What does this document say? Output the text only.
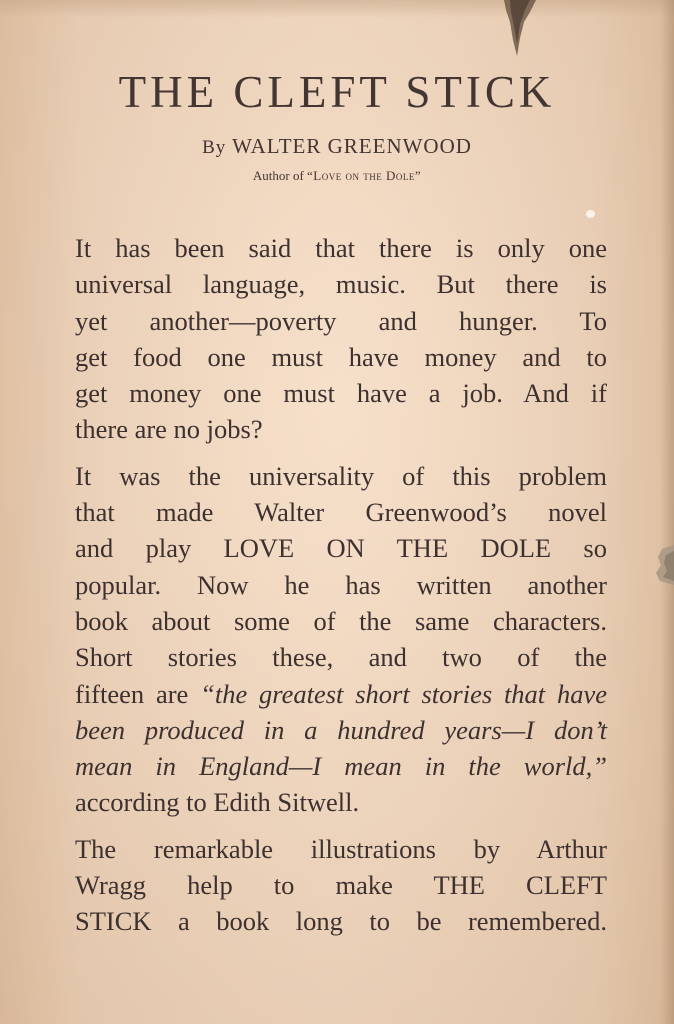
THE CLEFT STICK
By WALTER GREENWOOD
Author of “Love on the Dole”

It has been said that there is only one
universal language, music. But there is
yet another—poverty and hunger. To
get food one must have money and to
get money one must have a job. And if
there are no jobs?

It was the universality of this problem
that made Walter Greenwood’s novel
and play LOVE ON THE DOLE so
popular. Now he has written another
book about some of the same characters.
Short stories these, and two of the
fifteen are “the greatest short stories that have
been produced in a hundred years—I don’t
mean in England—I mean in the world,”
according to Edith Sitwell.

The remarkable illustrations by Arthur
Wragg help to make THE CLEFT
STICK a book long to be remembered.
